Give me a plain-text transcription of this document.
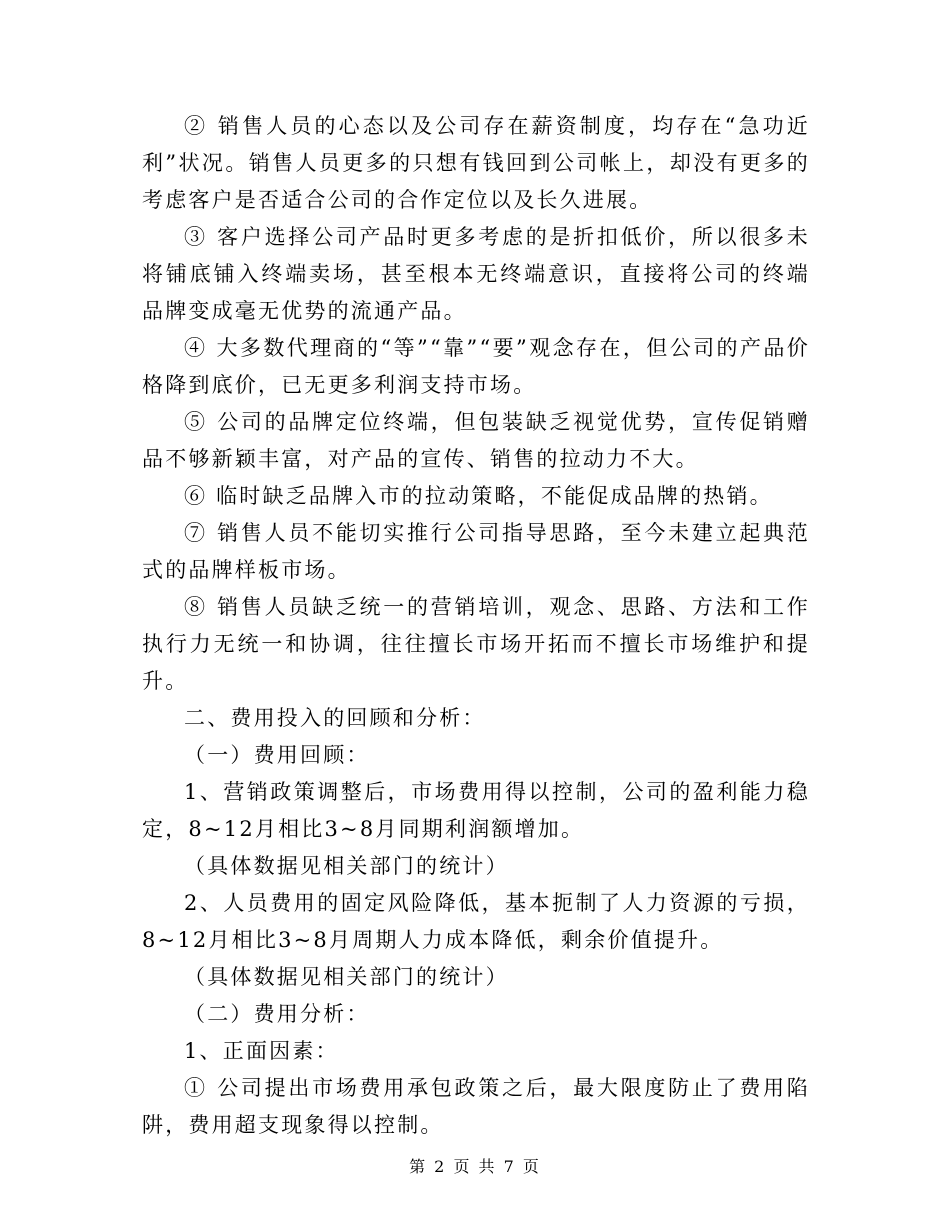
② 销售人员的心态以及公司存在薪资制度，均存在“急功近利”状况。销售人员更多的只想有钱回到公司帐上，却没有更多的考虑客户是否适合公司的合作定位以及长久进展。

③ 客户选择公司产品时更多考虑的是折扣低价，所以很多未将铺底铺入终端卖场，甚至根本无终端意识，直接将公司的终端品牌变成毫无优势的流通产品。

④ 大多数代理商的“等”“靠”“要”观念存在，但公司的产品价格降到底价，已无更多利润支持市场。

⑤ 公司的品牌定位终端，但包装缺乏视觉优势，宣传促销赠品不够新颖丰富，对产品的宣传、销售的拉动力不大。

⑥ 临时缺乏品牌入市的拉动策略，不能促成品牌的热销。

⑦ 销售人员不能切实推行公司指导思路，至今未建立起典范式的品牌样板市场。

⑧ 销售人员缺乏统一的营销培训，观念、思路、方法和工作执行力无统一和协调，往往擅长市场开拓而不擅长市场维护和提升。

二、费用投入的回顾和分析：

（一）费用回顾：

1、营销政策调整后，市场费用得以控制，公司的盈利能力稳定，8~12月相比3~8月同期利润额增加。

（具体数据见相关部门的统计）

2、人员费用的固定风险降低，基本扼制了人力资源的亏损，8~12月相比3~8月周期人力成本降低，剩余价值提升。

（具体数据见相关部门的统计）

（二）费用分析：

1、正面因素：

① 公司提出市场费用承包政策之后，最大限度防止了费用陷阱，费用超支现象得以控制。

第 2 页 共 7 页
